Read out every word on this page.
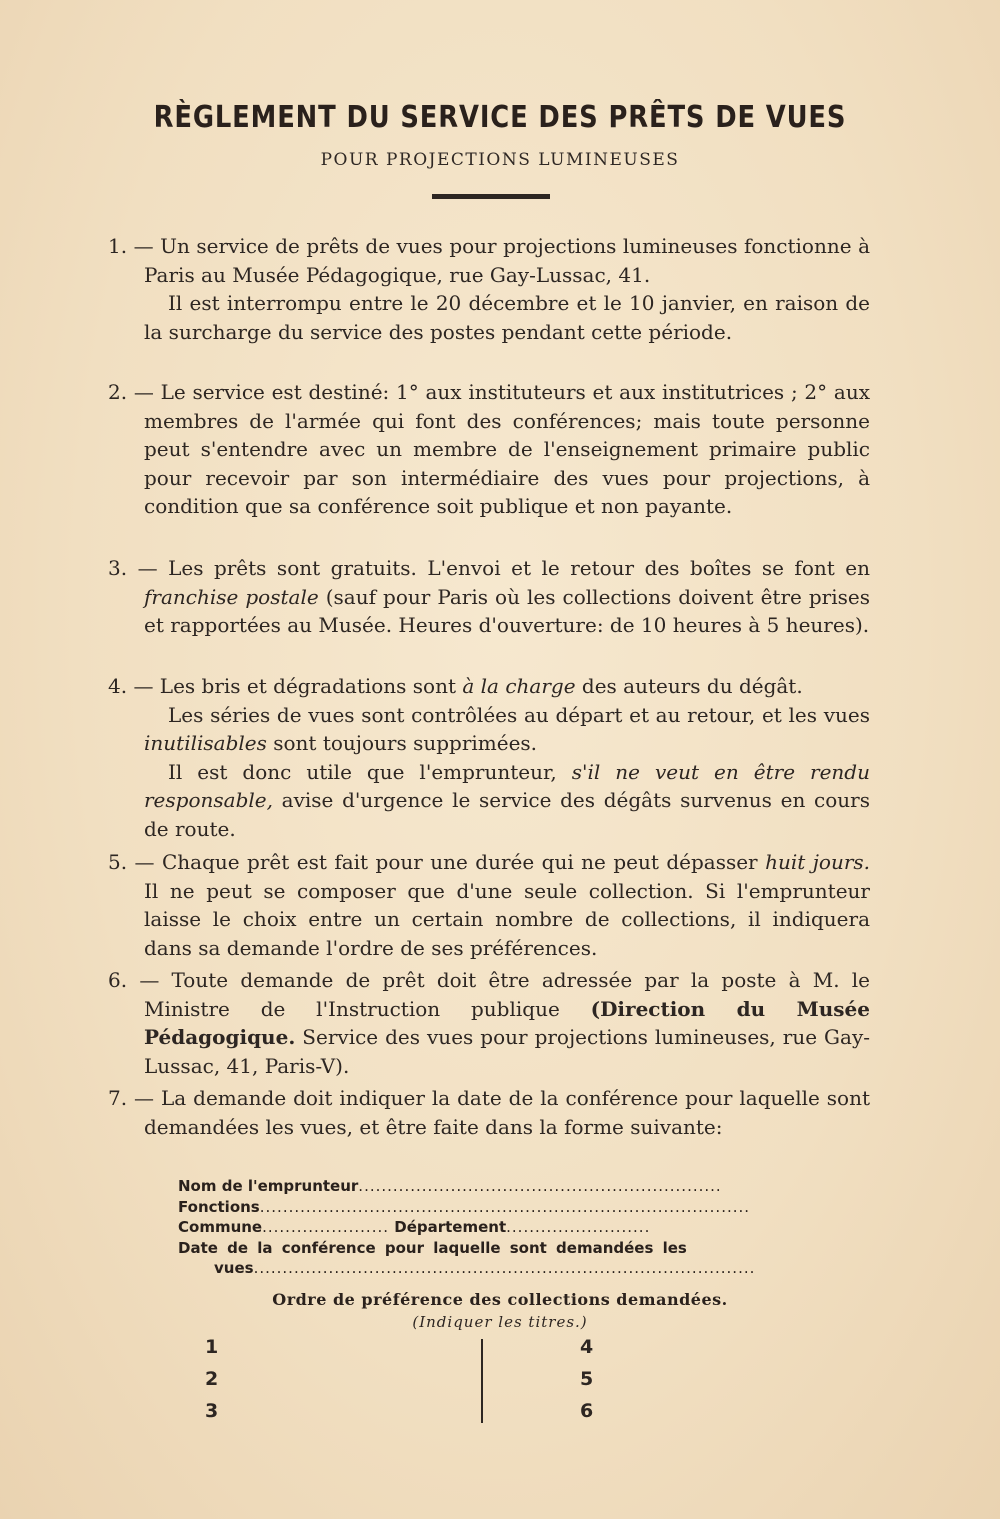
RÈGLEMENT DU SERVICE DES PRÊTS DE VUES
POUR PROJECTIONS LUMINEUSES

1. — Un service de prêts de vues pour projections lumineuses fonctionne à Paris au Musée Pédagogique, rue Gay-Lussac, 41.

Il est interrompu entre le 20 décembre et le 10 janvier, en raison de la surcharge du service des postes pendant cette période.

2. — Le service est destiné: 1° aux instituteurs et aux institutrices ; 2° aux membres de l'armée qui font des conférences; mais toute personne peut s'entendre avec un membre de l'enseignement primaire public pour recevoir par son intermédiaire des vues pour projections, à condition que sa conférence soit publique et non payante.

3. — Les prêts sont gratuits. L'envoi et le retour des boîtes se font en franchise postale (sauf pour Paris où les collections doivent être prises et rapportées au Musée. Heures d'ouverture: de 10 heures à 5 heures).

4. — Les bris et dégradations sont à la charge des auteurs du dégât.

Les séries de vues sont contrôlées au départ et au retour, et les vues inutilisables sont toujours supprimées.

Il est donc utile que l'emprunteur, s'il ne veut en être rendu responsable, avise d'urgence le service des dégâts survenus en cours de route.

5. — Chaque prêt est fait pour une durée qui ne peut dépasser huit jours. Il ne peut se composer que d'une seule collection. Si l'emprunteur laisse le choix entre un certain nombre de collections, il indiquera dans sa demande l'ordre de ses préférences.

6. — Toute demande de prêt doit être adressée par la poste à M. le Ministre de l'Instruction publique (Direction du Musée Pédagogique. Service des vues pour projections lumineuses, rue Gay-Lussac, 41, Paris-V).

7. — La demande doit indiquer la date de la conférence pour laquelle sont demandées les vues, et être faite dans la forme suivante:

Nom de l'emprunteur...............................................................
Fonctions.....................................................................................
Commune...................... Département.........................
Date de la conférence pour laquelle sont demandées les
vues.......................................................................................
Ordre de préférence des collections demandées.
(Indiquer les titres.)
1
2
3
4
5
6
